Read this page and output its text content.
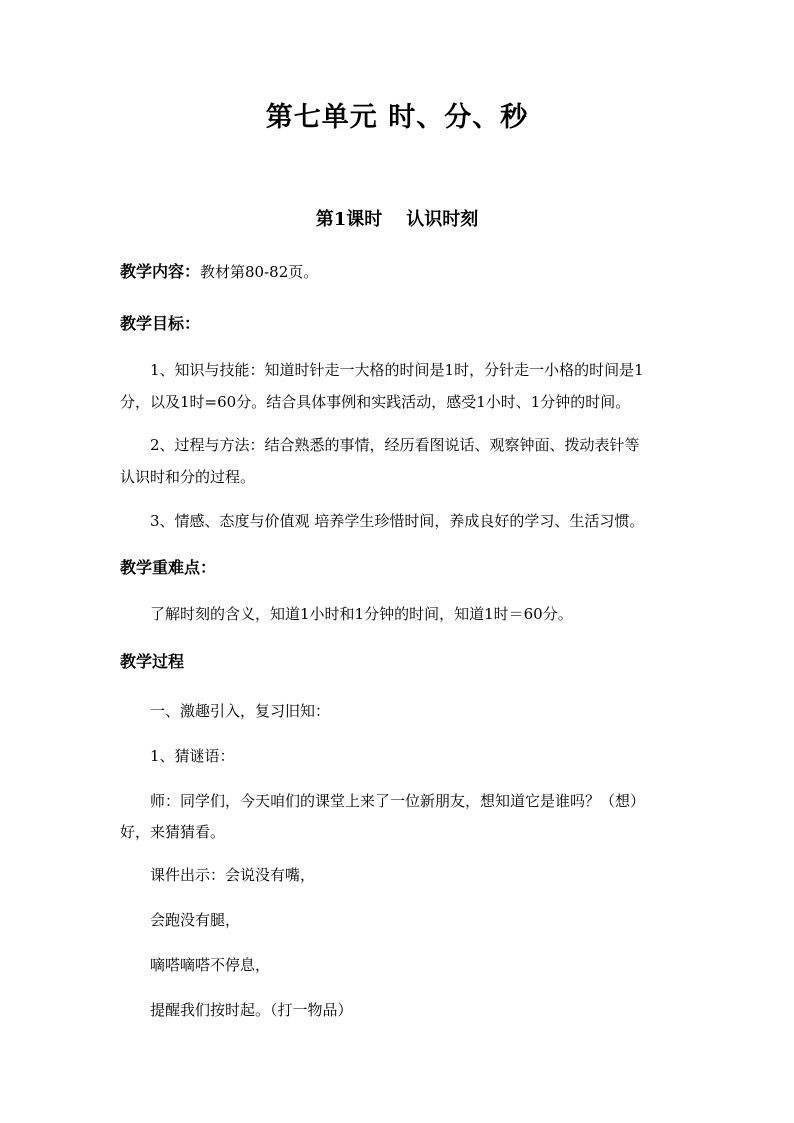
第七单元 时、分、秒
第1课时 认识时刻
教学内容：教材第80-82页。
教学目标：
1、知识与技能：知道时针走一大格的时间是1时，分针走一小格的时间是1
分，以及1时=60分。结合具体事例和实践活动，感受1小时、1分钟的时间。
2、过程与方法：结合熟悉的事情，经历看图说话、观察钟面、拨动表针等
认识时和分的过程。
3、情感、态度与价值观 培养学生珍惜时间，养成良好的学习、生活习惯。
教学重难点：
了解时刻的含义，知道1小时和1分钟的时间，知道1时＝60分。
教学过程
一、激趣引入，复习旧知：
1、猜谜语：
师：同学们，今天咱们的课堂上来了一位新朋友，想知道它是谁吗？（想）
好，来猜猜看。
课件出示：会说没有嘴，
会跑没有腿，
嘀嗒嘀嗒不停息，
提醒我们按时起。（打一物品）
